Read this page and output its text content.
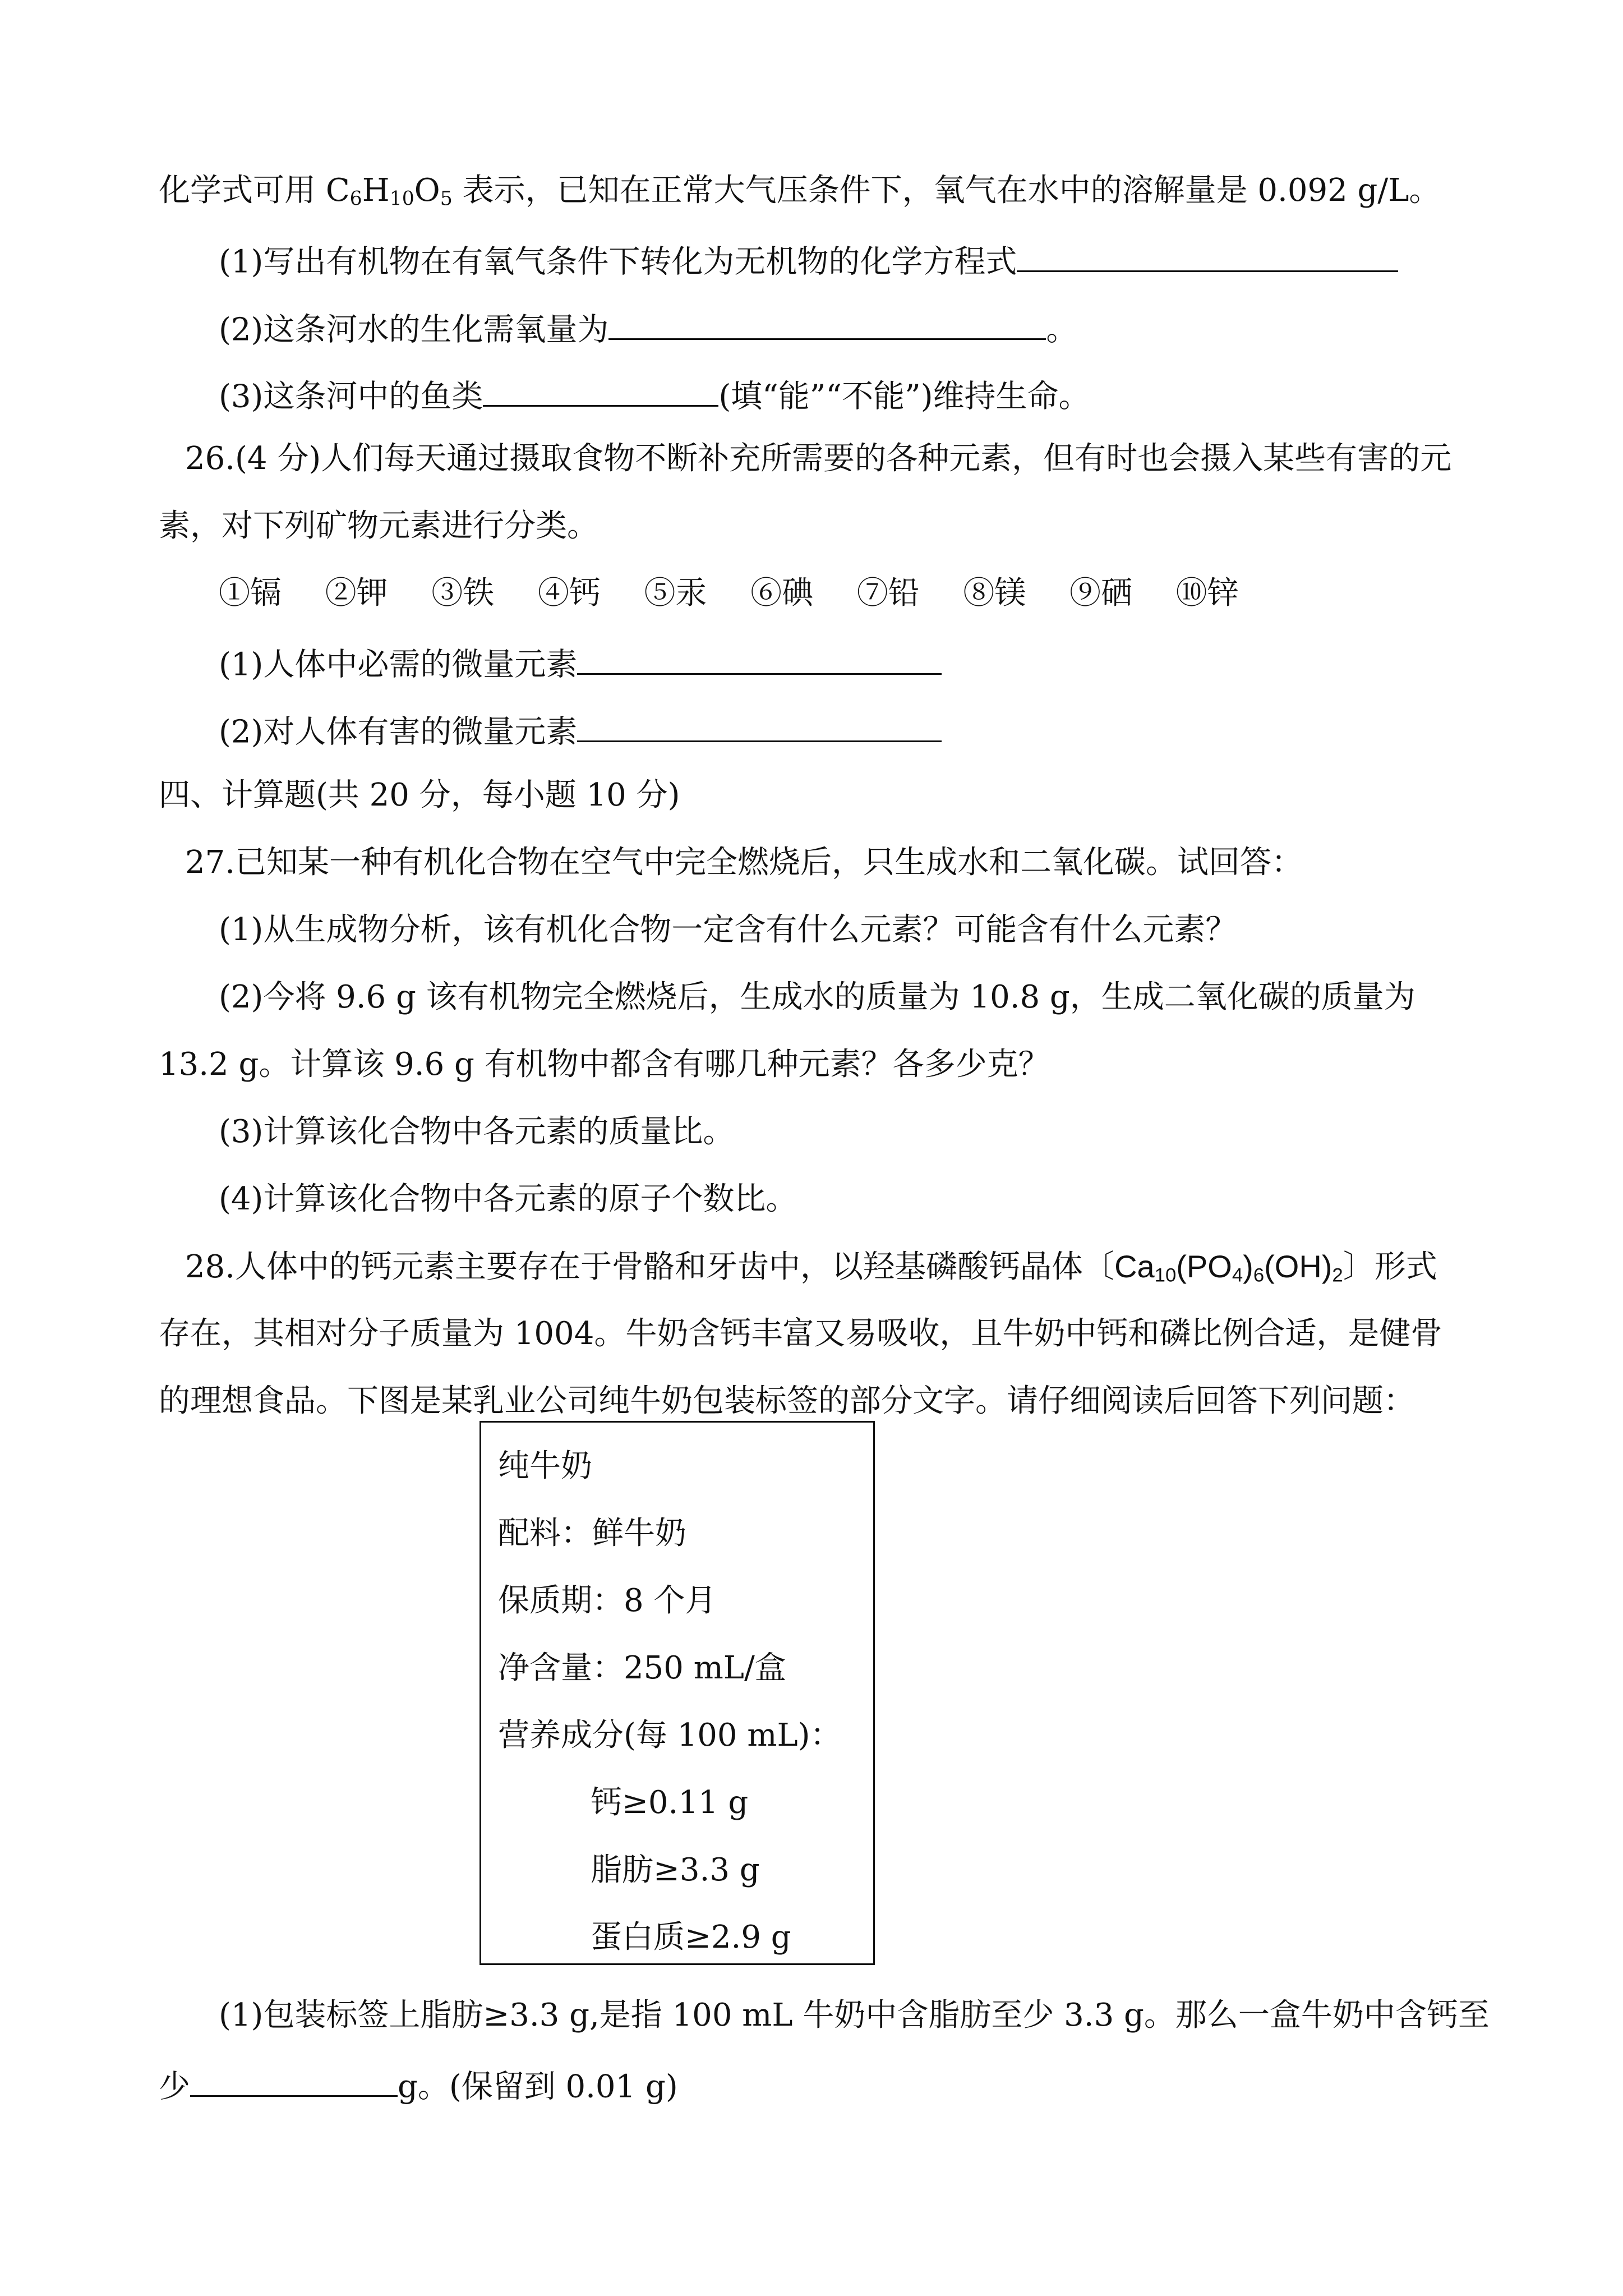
化学式可用 $C_6H_{10}O_5$ 表示，已知在正常大气压条件下，氧气在水中的溶解量是 0.092 g/L。
(1)写出有机物在有氧气条件下转化为无机物的化学方程式
(2)这条河水的生化需氧量为	。
(3)这条河中的鱼类	(填“能”“不能”)维持生命。
26.(4 分)人们每天通过摄取食物不断补充所需要的各种元素，但有时也会摄入某些有害的元
素，对下列矿物元素进行分类。
①镉 ②钾 ③铁 ④钙 ⑤汞 ⑥碘 ⑦铅 ⑧镁 ⑨硒 ⑩锌
(1)人体中必需的微量元素
(2)对人体有害的微量元素
四、计算题(共 20 分，每小题 10 分)
27.已知某一种有机化合物在空气中完全燃烧后，只生成水和二氧化碳。试回答：
(1)从生成物分析，该有机化合物一定含有什么元素？可能含有什么元素？
(2)今将 9.6 g 该有机物完全燃烧后，生成水的质量为 10.8 g，生成二氧化碳的质量为
13.2 g。计算该 9.6 g 有机物中都含有哪几种元素？各多少克？
(3)计算该化合物中各元素的质量比。
(4)计算该化合物中各元素的原子个数比。
28.人体中的钙元素主要存在于骨骼和牙齿中，以羟基磷酸钙晶体〔$Ca_{10}(PO_4)_6(OH)_2$〕形式
存在，其相对分子质量为 1004。牛奶含钙丰富又易吸收，且牛奶中钙和磷比例合适，是健骨
的理想食品。下图是某乳业公司纯牛奶包装标签的部分文字。请仔细阅读后回答下列问题：
纯牛奶
配料：鲜牛奶
保质期：8 个月
净含量：250 mL/盒
营养成分(每 100 mL)：
钙≥0.11 g
脂肪≥3.3 g
蛋白质≥2.9 g
(1)包装标签上脂肪≥3.3 g,是指 100 mL 牛奶中含脂肪至少 3.3 g。那么一盒牛奶中含钙至
少	g。(保留到 0.01 g)
